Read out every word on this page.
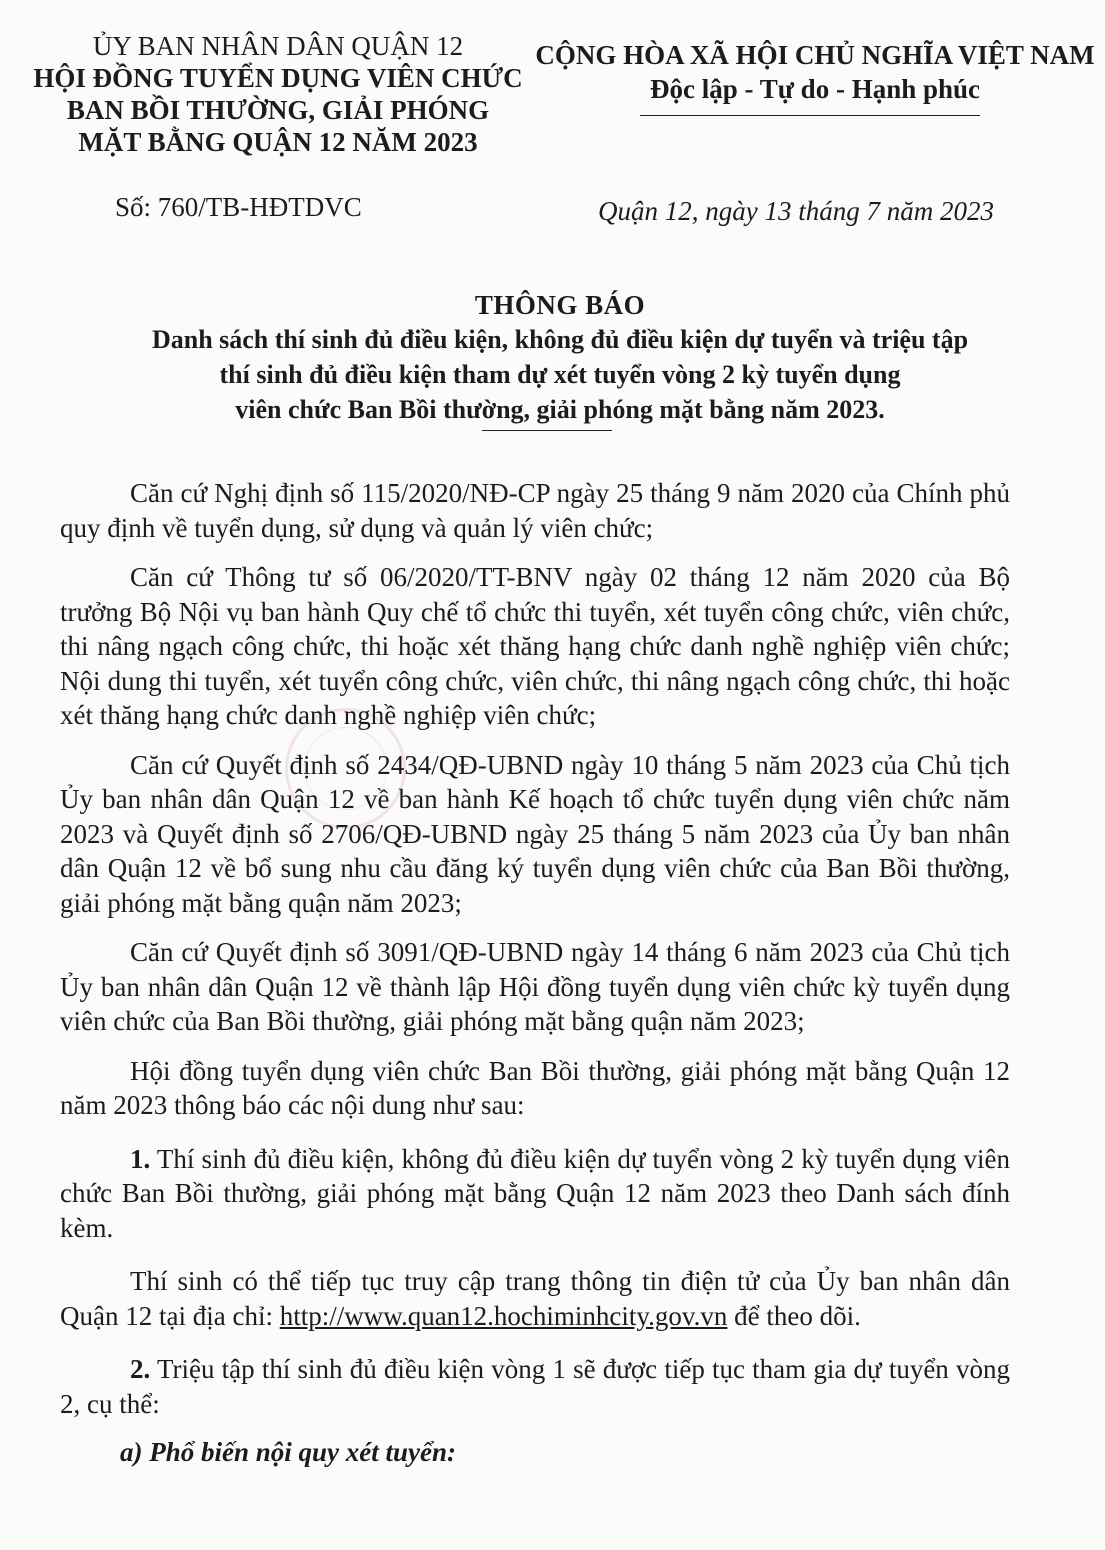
ỦY BAN NHÂN DÂN QUẬN 12
HỘI ĐỒNG TUYỂN DỤNG VIÊN CHỨC
BAN BỒI THƯỜNG, GIẢI PHÓNG
MẶT BẰNG QUẬN 12 NĂM 2023
CỘNG HÒA XÃ HỘI CHỦ NGHĨA VIỆT NAM
Độc lập - Tự do - Hạnh phúc
Số: 760/TB-HĐTDVC	Quận 12, ngày 13 tháng 7 năm 2023
THÔNG BÁO
Danh sách thí sinh đủ điều kiện, không đủ điều kiện dự tuyển và triệu tập
thí sinh đủ điều kiện tham dự xét tuyển vòng 2 kỳ tuyển dụng
viên chức Ban Bồi thường, giải phóng mặt bằng năm 2023.

Căn cứ Nghị định số 115/2020/NĐ-CP ngày 25 tháng 9 năm 2020 của Chính phủ quy định về tuyển dụng, sử dụng và quản lý viên chức;

Căn cứ Thông tư số 06/2020/TT-BNV ngày 02 tháng 12 năm 2020 của Bộ trưởng Bộ Nội vụ ban hành Quy chế tổ chức thi tuyển, xét tuyển công chức, viên chức, thi nâng ngạch công chức, thi hoặc xét thăng hạng chức danh nghề nghiệp viên chức; Nội dung thi tuyển, xét tuyển công chức, viên chức, thi nâng ngạch công chức, thi hoặc xét thăng hạng chức danh nghề nghiệp viên chức;

Căn cứ Quyết định số 2434/QĐ-UBND ngày 10 tháng 5 năm 2023 của Chủ tịch Ủy ban nhân dân Quận 12 về ban hành Kế hoạch tổ chức tuyển dụng viên chức năm 2023 và Quyết định số 2706/QĐ-UBND ngày 25 tháng 5 năm 2023 của Ủy ban nhân dân Quận 12 về bổ sung nhu cầu đăng ký tuyển dụng viên chức của Ban Bồi thường, giải phóng mặt bằng quận năm 2023;

Căn cứ Quyết định số 3091/QĐ-UBND ngày 14 tháng 6 năm 2023 của Chủ tịch Ủy ban nhân dân Quận 12 về thành lập Hội đồng tuyển dụng viên chức kỳ tuyển dụng viên chức của Ban Bồi thường, giải phóng mặt bằng quận năm 2023;

Hội đồng tuyển dụng viên chức Ban Bồi thường, giải phóng mặt bằng Quận 12 năm 2023 thông báo các nội dung như sau:

1. Thí sinh đủ điều kiện, không đủ điều kiện dự tuyển vòng 2 kỳ tuyển dụng viên chức Ban Bồi thường, giải phóng mặt bằng Quận 12 năm 2023 theo Danh sách đính kèm.

Thí sinh có thể tiếp tục truy cập trang thông tin điện tử của Ủy ban nhân dân Quận 12 tại địa chỉ: http://www.quan12.hochiminhcity.gov.vn để theo dõi.

2. Triệu tập thí sinh đủ điều kiện vòng 1 sẽ được tiếp tục tham gia dự tuyển vòng 2, cụ thể:

a) Phổ biến nội quy xét tuyển:
